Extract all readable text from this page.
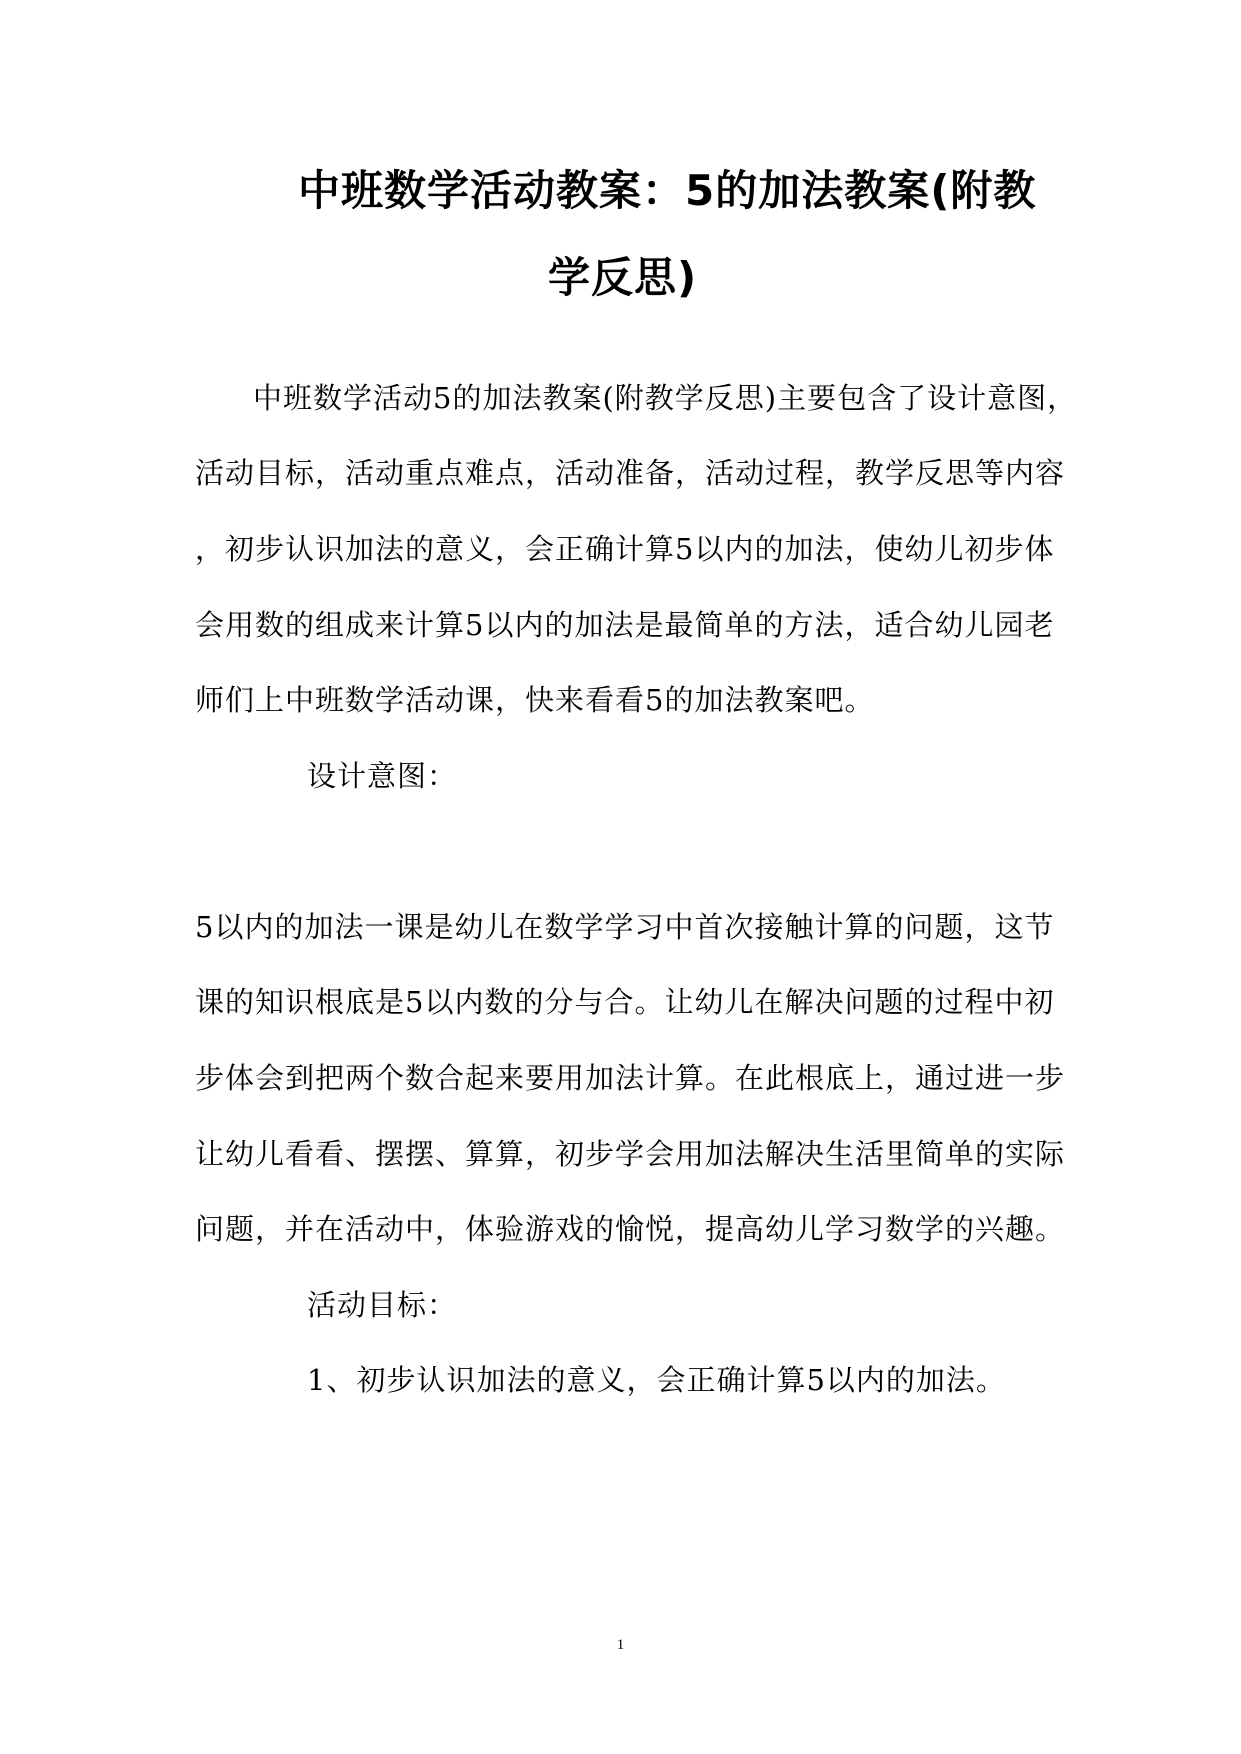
中班数学活动教案：5的加法教案(附教
学反思)
中班数学活动5的加法教案(附教学反思)主要包含了设计意图，
活动目标，活动重点难点，活动准备，活动过程，教学反思等内容
，初步认识加法的意义，会正确计算5以内的加法，使幼儿初步体
会用数的组成来计算5以内的加法是最简单的方法，适合幼儿园老
师们上中班数学活动课，快来看看5的加法教案吧。
设计意图：
5以内的加法一课是幼儿在数学学习中首次接触计算的问题，这节
课的知识根底是5以内数的分与合。让幼儿在解决问题的过程中初
步体会到把两个数合起来要用加法计算。在此根底上，通过进一步
让幼儿看看、摆摆、算算，初步学会用加法解决生活里简单的实际
问题，并在活动中，体验游戏的愉悦，提高幼儿学习数学的兴趣。
活动目标：
1、初步认识加法的意义，会正确计算5以内的加法。
1
